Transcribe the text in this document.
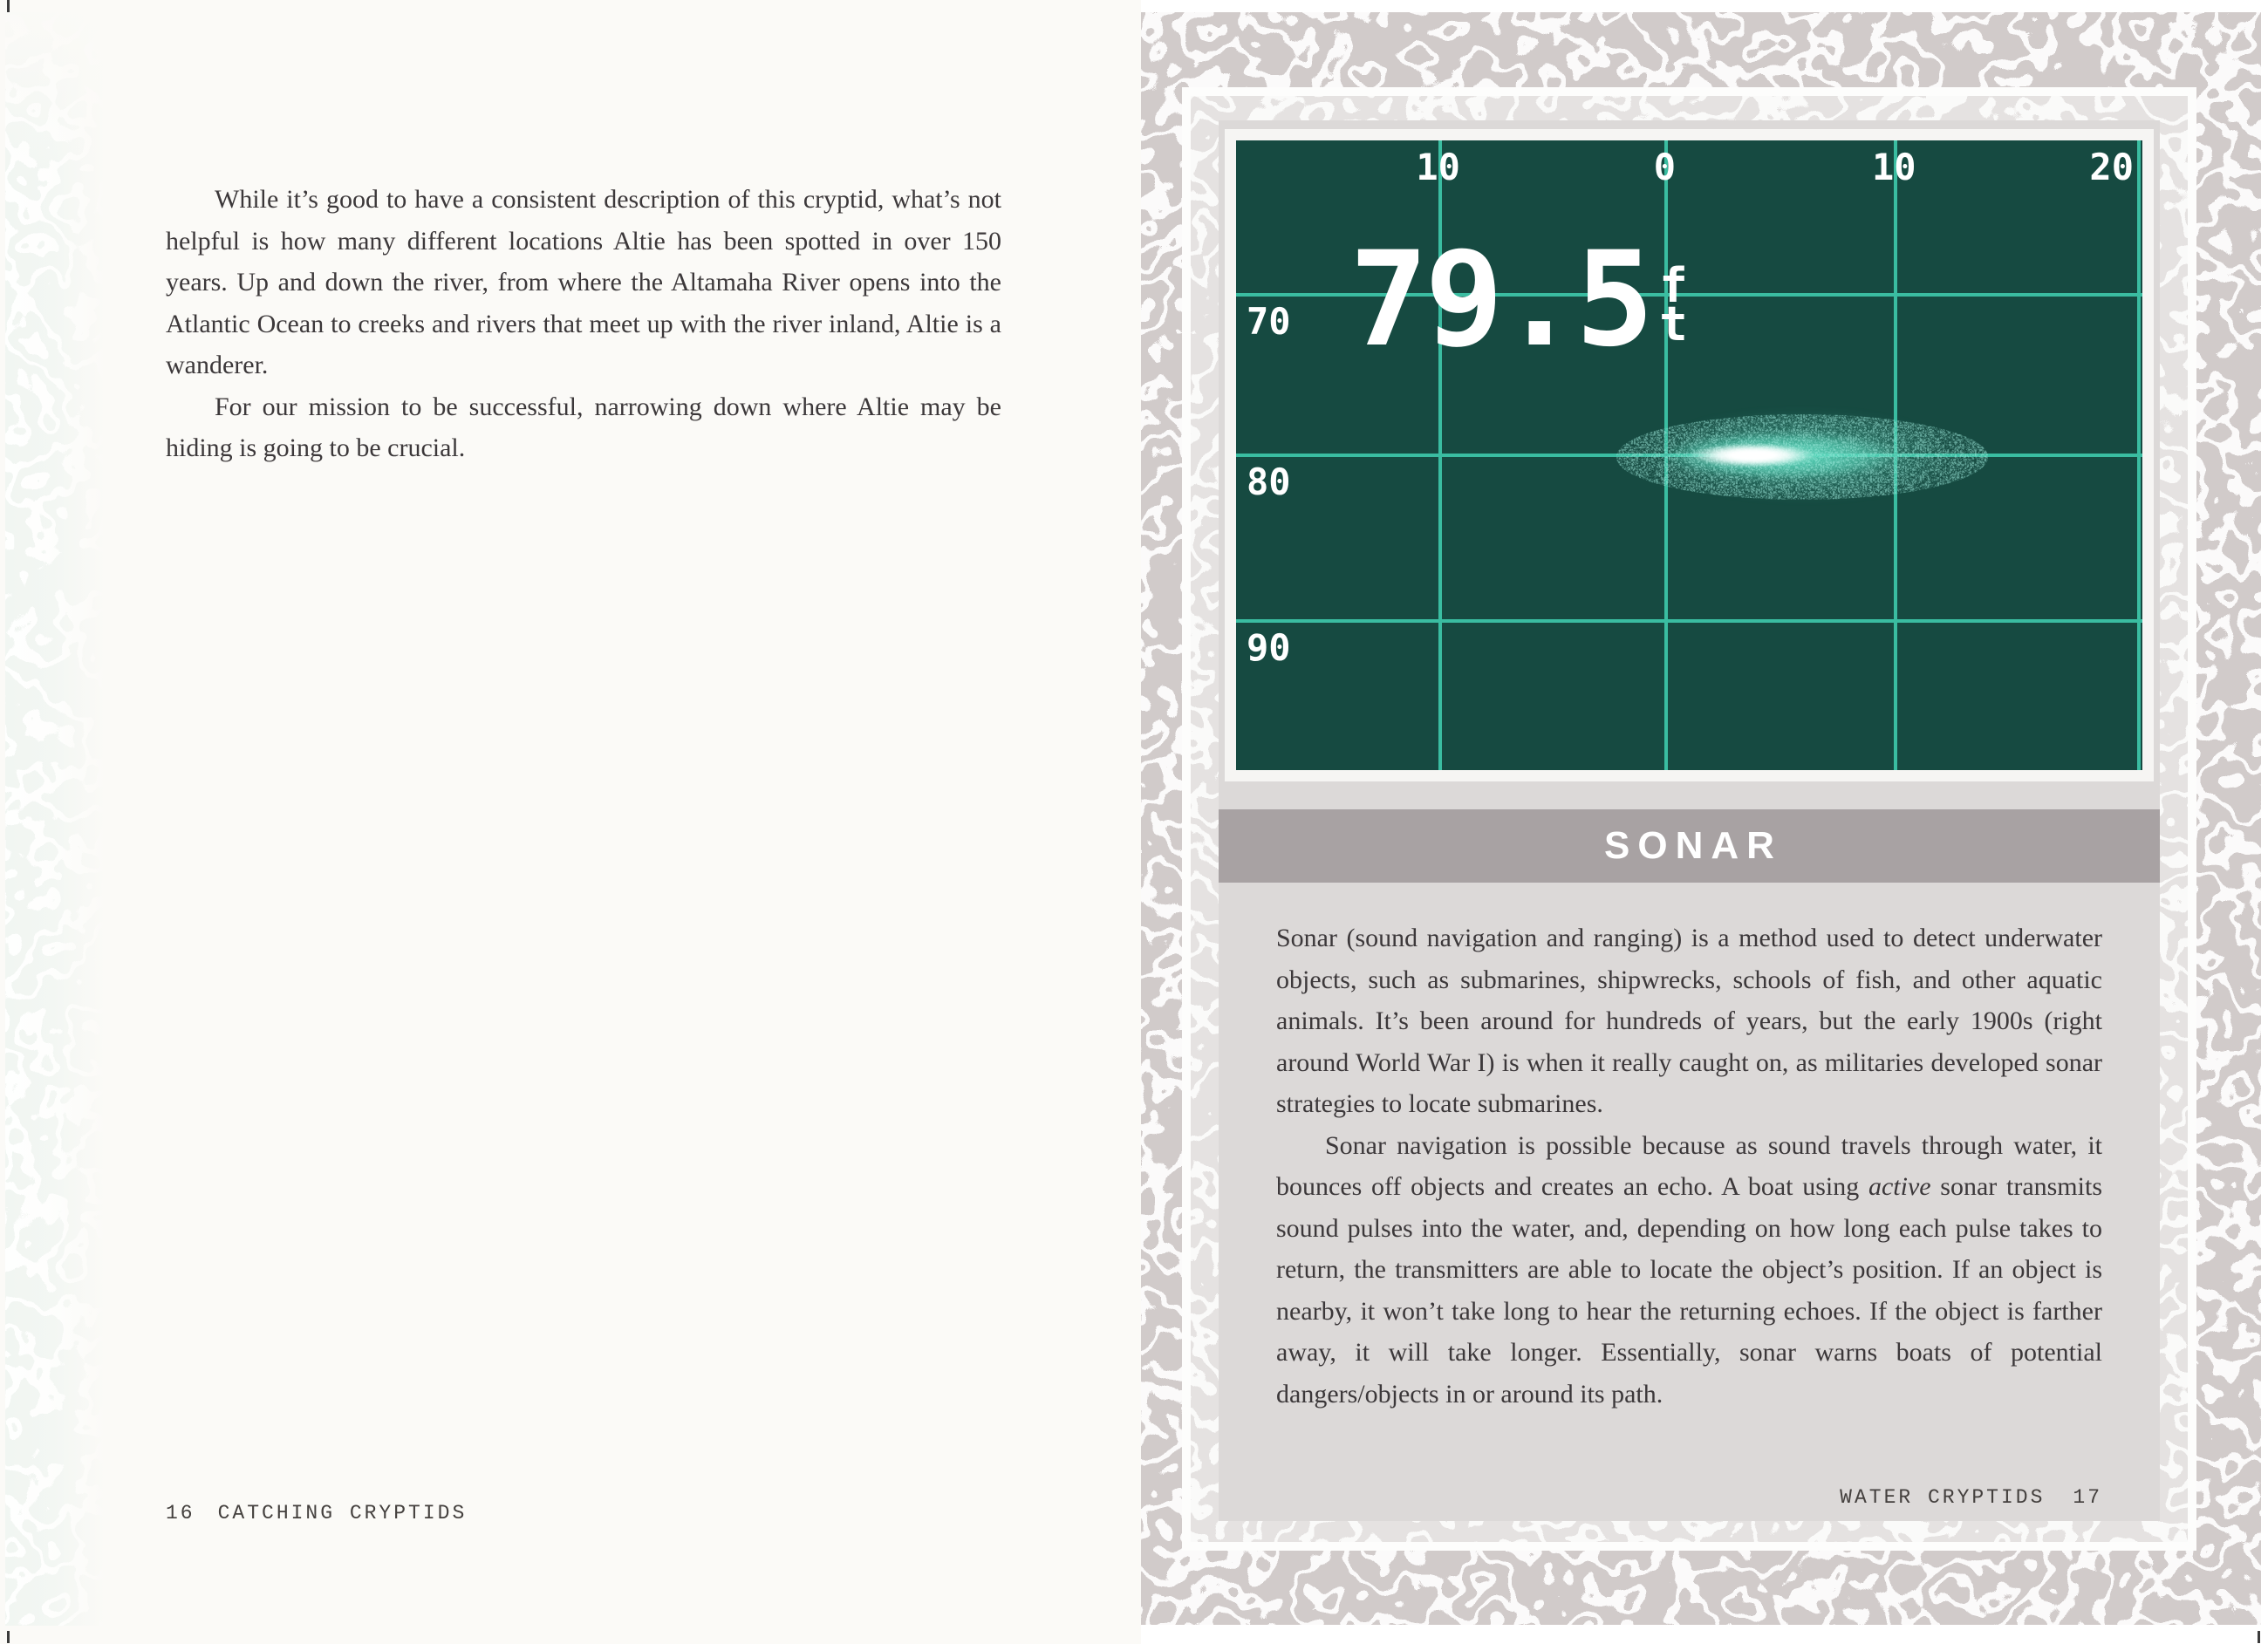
While it’s good to have a consistent description of this cryptid, what’s not helpful is how many different locations Altie has been spotted in over 150 years. Up and down the river, from where the Altamaha River opens into the Atlantic Ocean to creeks and rivers that meet up with the river inland, Altie is a wanderer.

For our mission to be successful, narrowing down where Altie may be hiding is going to be crucial.

16 CATCHING CRYPTIDS
10	0	10	20
70
80
90
79.5 f
t
SONAR

Sonar (sound navigation and ranging) is a method used to detect underwater objects, such as submarines, shipwrecks, schools of fish, and other aquatic animals. It’s been around for hundreds of years, but the early 1900s (right around World War I) is when it really caught on, as militaries developed sonar strategies to locate submarines.

Sonar navigation is possible because as sound travels through water, it bounces off objects and creates an echo. A boat using active sonar transmits sound pulses into the water, and, depending on how long each pulse takes to return, the transmitters are able to locate the object’s position. If an object is nearby, it won’t take long to hear the returning echoes. If the object is farther away, it will take longer. Essentially, sonar warns boats of potential dangers/objects in or around its path.

WATER CRYPTIDS 17
